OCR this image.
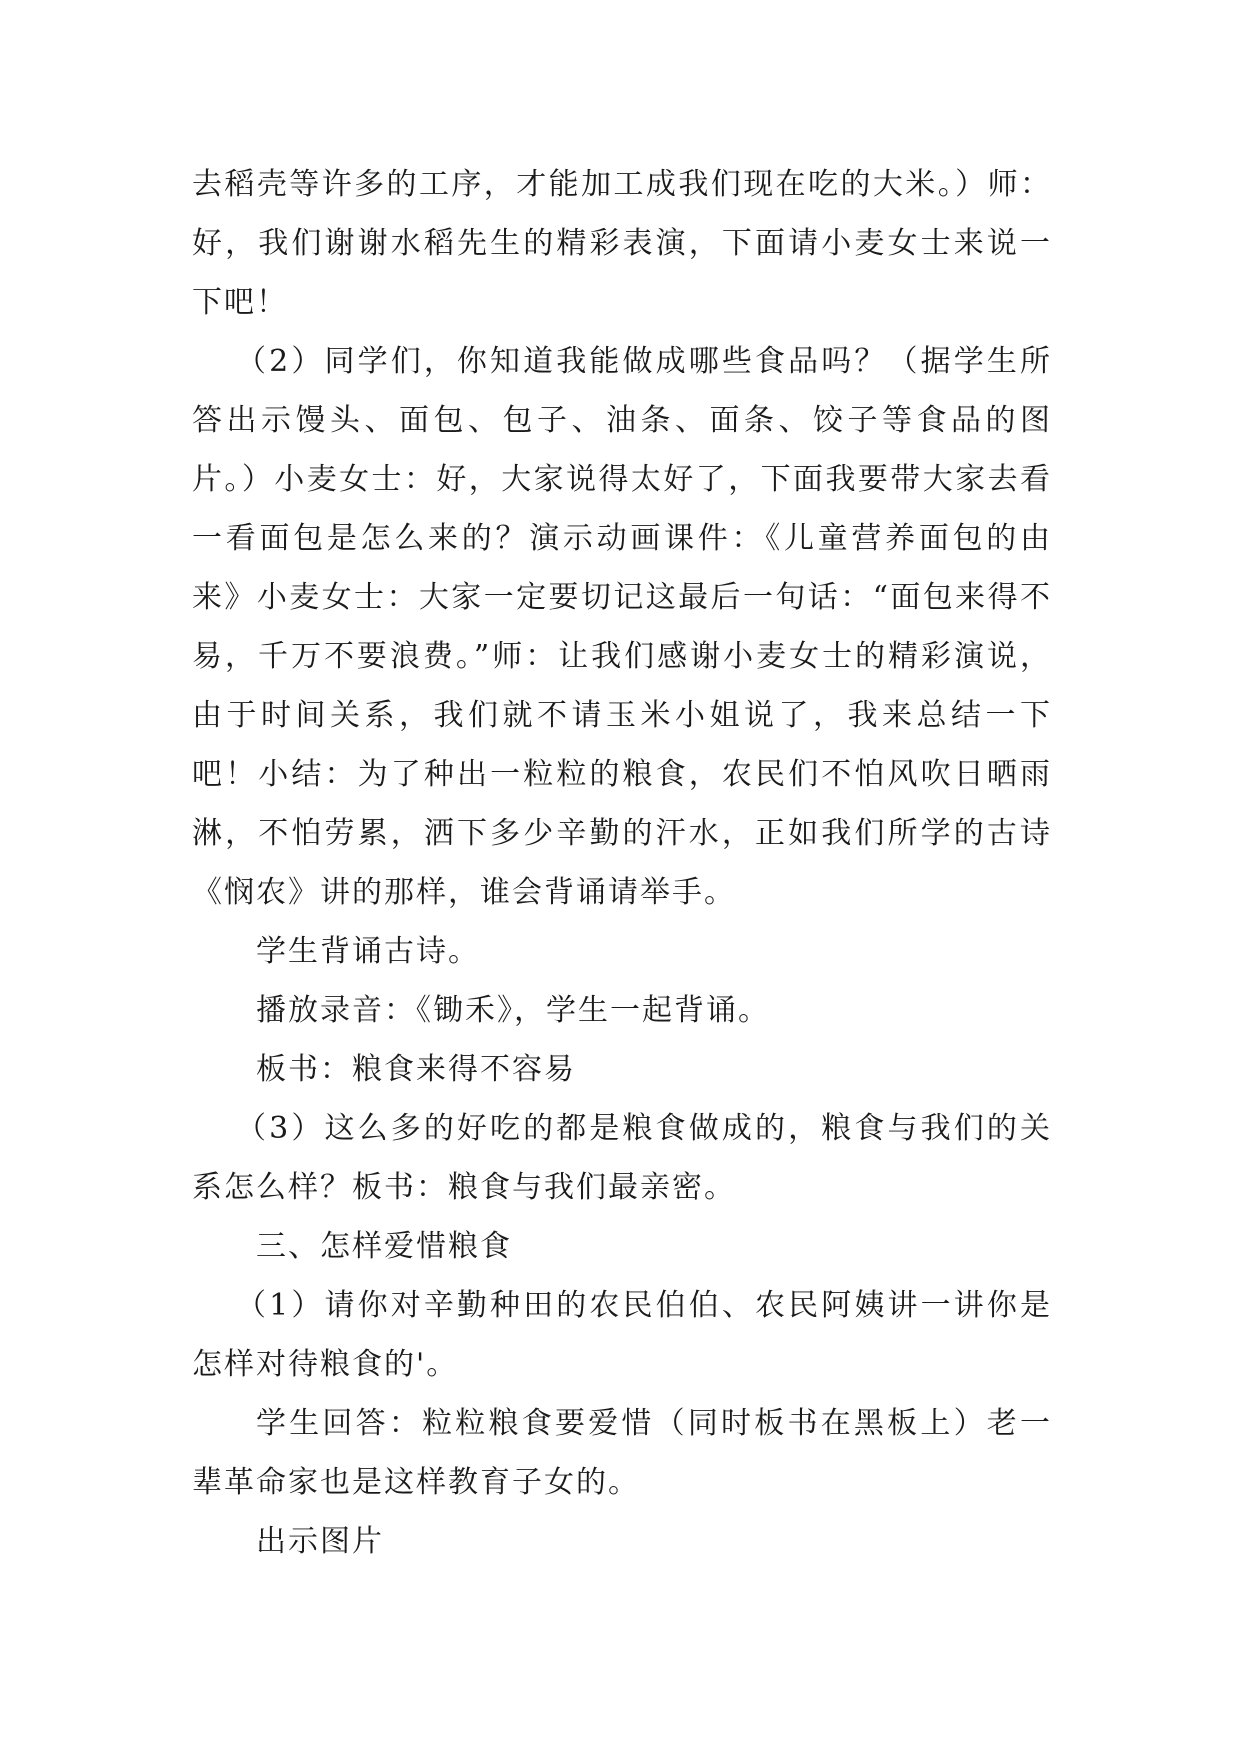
去稻壳等许多的工序，才能加工成我们现在吃的大米。）师：好，我们谢谢水稻先生的精彩表演，下面请小麦女士来说一下吧！

（2）同学们，你知道我能做成哪些食品吗？（据学生所答出示馒头、面包、包子、油条、面条、饺子等食品的图片。）小麦女士：好，大家说得太好了，下面我要带大家去看一看面包是怎么来的？演示动画课件：《儿童营养面包的由来》小麦女士：大家一定要切记这最后一句话：“面包来得不易，千万不要浪费。”师：让我们感谢小麦女士的精彩演说，由于时间关系，我们就不请玉米小姐说了，我来总结一下吧！小结：为了种出一粒粒的粮食，农民们不怕风吹日晒雨淋，不怕劳累，洒下多少辛勤的汗水，正如我们所学的古诗《悯农》讲的那样，谁会背诵请举手。

学生背诵古诗。

播放录音：《锄禾》，学生一起背诵。

板书：粮食来得不容易

（3）这么多的好吃的都是粮食做成的，粮食与我们的关系怎么样？板书：粮食与我们最亲密。

三、怎样爱惜粮食

（1）请你对辛勤种田的农民伯伯、农民阿姨讲一讲你是怎样对待粮食的'。

学生回答：粒粒粮食要爱惜（同时板书在黑板上）老一辈革命家也是这样教育子女的。

出示图片
